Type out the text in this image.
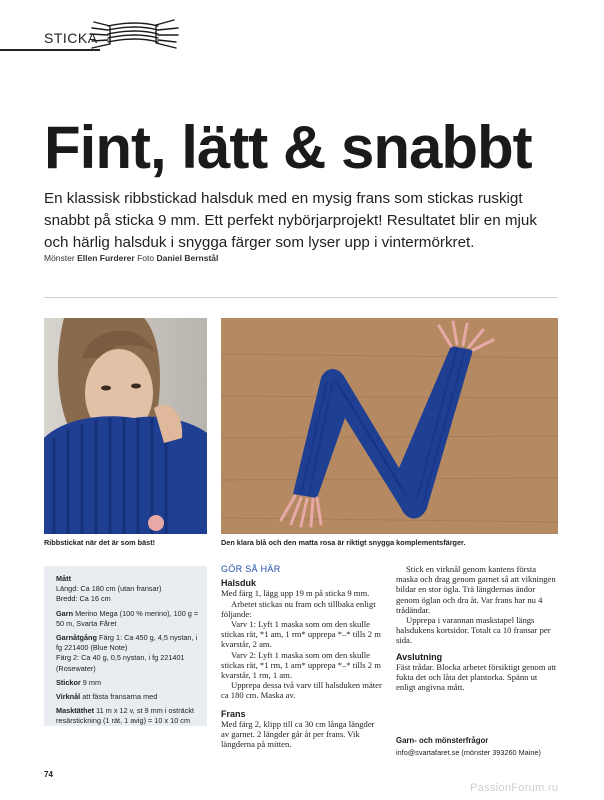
STICKA
Fint, lätt & snabbt
En klassisk ribbstickad halsduk med en mysig frans som stickas ruskigt snabbt på sticka 9 mm. Ett perfekt nybörjarprojekt! Resultatet blir en mjuk och härlig halsduk i snygga färger som lyser upp i vintermörkret.
Mönster Ellen Furderer Foto Daniel Bernstål
Ribbstickat när det är som bäst!	Den klara blå och den matta rosa är riktigt snygga komplementsfärger.
Mått
Längd: Ca 180 cm (utan fransar)
Bredd: Ca 16 cm
Garn Merino Mega (100 % merino), 100 g = 50 m, Svarta Fåret
Garnåtgång Färg 1: Ca 450 g, 4,5 nystan, i fg 221400 (Blue Note)
Färg 2: Ca 40 g, 0,5 nystan, i fg 221401 (Rosewater)
Stickor 9 mm
Virknål att fästa fransarna med
Masktäthet 11 m x 12 v, st 9 mm i osträckt resärstickning (1 rät, 1 avig) = 10 x 10 cm
GÖR SÅ HÄR
Halsduk
Med färg 1, lägg upp 19 m på sticka 9 mm.
Arbetet stickas nu fram och tillbaka enligt följande:
Varv 1: Lyft 1 maska som om den skulle stickas rät, *1 am, 1 rm* upprepa *–* tills 2 m kvarstår, 2 am.
Varv 2: Lyft 1 maska som om den skulle stickas rät, *1 rm, 1 am* upprepa *–* tills 2 m kvarstår, 1 rm, 1 am.
Upprepa dessa två varv till halsduken mäter ca 180 cm. Maska av.
Frans
Med färg 2, klipp till ca 30 cm långa längder av garnet. 2 längder går åt per frans. Vik längderna på mitten.
Stick en virknål genom kantens första maska och drag genom garnet så att vikningen bildar en stor ögla. Trä längdernas ändor genom öglan och dra åt. Var frans har nu 4 trådändar.
Upprepa i varannan maskstapel längs halsdukens kortsidor. Totalt ca 10 fransar per sida.
Avslutning
Fäst trådar. Blocka arbetet försiktigt genom att fukta det och låta det plantorka. Spänn ut enligt angivna mått.
Garn- och mönsterfrågor
info@svartafaret.se (mönster 393260 Maine)
74
PassionForum.ru
